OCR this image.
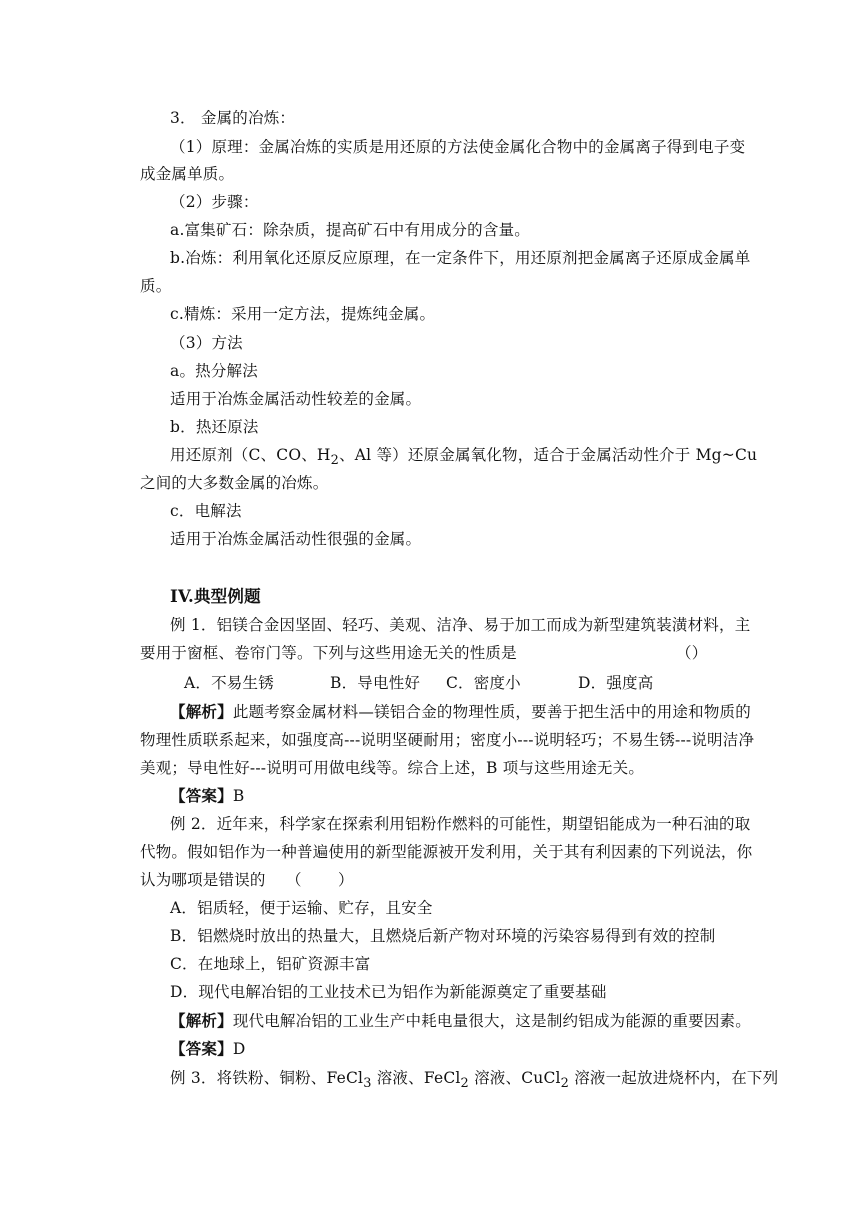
3． 金属的冶炼：
（1）原理：金属冶炼的实质是用还原的方法使金属化合物中的金属离子得到电子变
成金属单质。
（2）步骤：
a.富集矿石：除杂质，提高矿石中有用成分的含量。
b.冶炼：利用氧化还原反应原理，在一定条件下，用还原剂把金属离子还原成金属单
质。
c.精炼：采用一定方法，提炼纯金属。
（3）方法
a。热分解法
适用于冶炼金属活动性较差的金属。
b．热还原法
用还原剂（C、CO、$H_2$、Al 等）还原金属氧化物，适合于金属活动性介于 Mg~Cu
之间的大多数金属的冶炼。
c．电解法
适用于冶炼金属活动性很强的金属。
IV.典型例题
例 1．铝镁合金因坚固、轻巧、美观、洁净、易于加工而成为新型建筑装潢材料，主
要用于窗框、卷帘门等。下列与这些用途无关的性质是	（）
A．不易生锈	B．导电性好 C．密度小	D．强度高
【解析】此题考察金属材料—镁铝合金的物理性质，要善于把生活中的用途和物质的
物理性质联系起来，如强度高---说明坚硬耐用；密度小---说明轻巧；不易生锈---说明洁净
美观；导电性好---说明可用做电线等。综合上述，B 项与这些用途无关。
【答案】B
例 2．近年来，科学家在探索利用铝粉作燃料的可能性，期望铝能成为一种石油的取
代物。假如铝作为一种普遍使用的新型能源被开发利用，关于其有利因素的下列说法，你
认为哪项是错误的 （ ）
A．铝质轻，便于运输、贮存，且安全
B．铝燃烧时放出的热量大，且燃烧后新产物对环境的污染容易得到有效的控制
C．在地球上，铝矿资源丰富
D．现代电解冶铝的工业技术已为铝作为新能源奠定了重要基础
【解析】现代电解冶铝的工业生产中耗电量很大，这是制约铝成为能源的重要因素。
【答案】D
例 3．将铁粉、铜粉、FeCl$_3$ 溶液、FeCl$_2$ 溶液、CuCl$_2$ 溶液一起放进烧杯内，在下列
